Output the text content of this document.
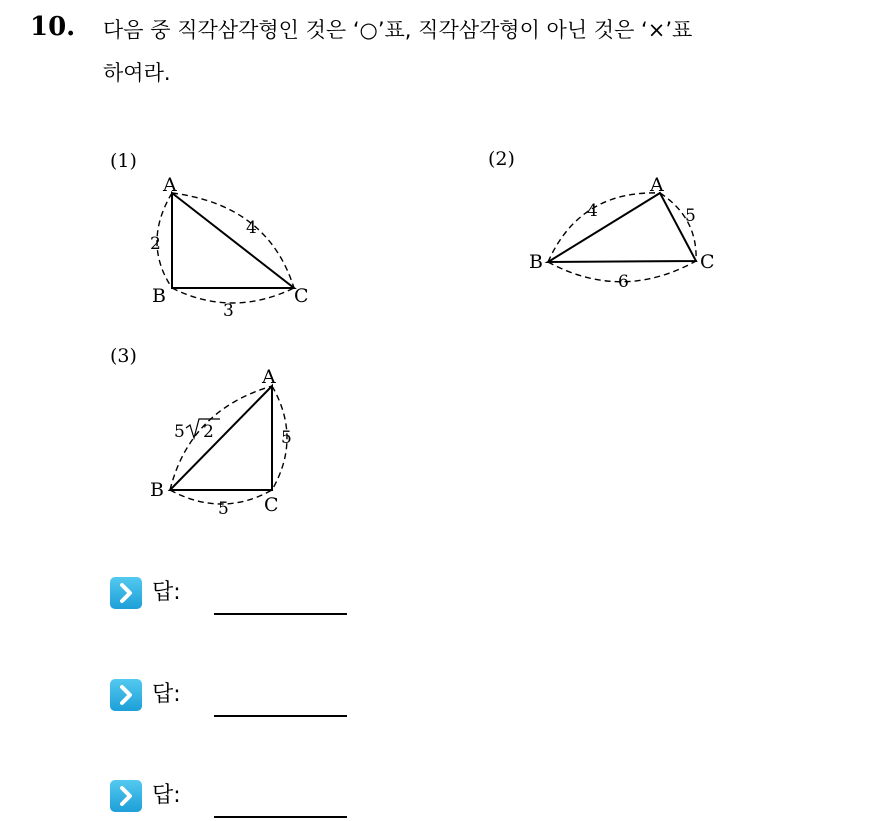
10. 다음 중 직각삼각형인 것은 ‘○’표, 직각삼각형이 아닌 것은 ‘×’표
하여라.
(1)
A
B	C
2
4
3
(2)
A
B	C
4	5
6
(3)
A
B
C
5 2	5
5
답:
답:
답:
